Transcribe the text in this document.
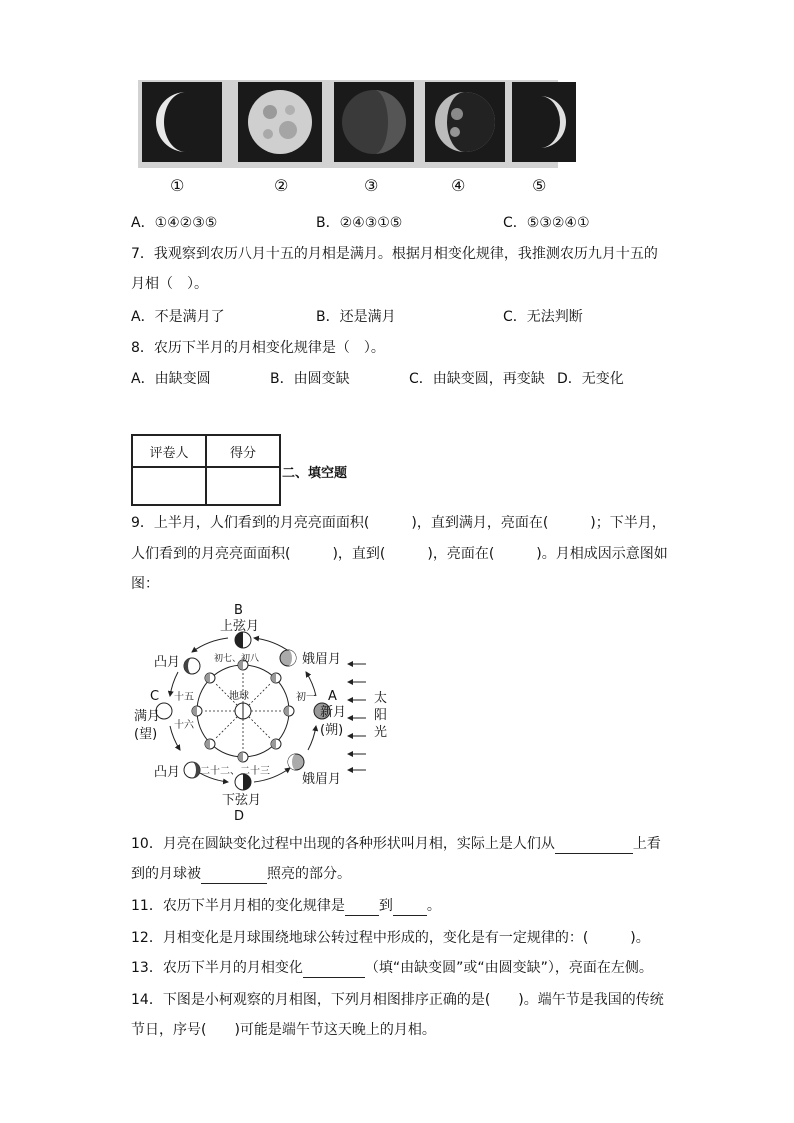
①	②	③	④	⑤
A．①④②③⑤	B．②④③①⑤	C．⑤③②④①
7．我观察到农历八月十五的月相是满月。根据月相变化规律，我推测农历九月十五的
月相（　）。
A．不是满月了	B．还是满月	C．无法判断
8．农历下半月的月相变化规律是（　）。
A．由缺变圆	B．由圆变缺	C．由缺变圆，再变缺 D．无变化
评卷人	得分

二、填空题
9．上半月，人们看到的月亮亮面面积(　　　)，直到满月，亮面在(　　　)；下半月，
人们看到的月亮亮面面积(　　　)，直到(　　　)，亮面在(　　　)。月相成因示意图如
图：
B
上弦月
初七、初八
凸月	娥眉月
C
满月
(望)
十五
十六
地球	初一 A
新月
(朔)
太
阳
光
凸月 二十二、二十三
娥眉月
下弦月
D
10．月亮在圆缺变化过程中出现的各种形状叫月相，实际上是人们从	上看
到的月球被	照亮的部分。
11．农历下半月月相的变化规律是 到 。
12．月相变化是月球围绕地球公转过程中形成的，变化是有一定规律的：(　　　)。
13．农历下半月的月相变化	（填“由缺变圆”或“由圆变缺”），亮面在左侧。
14．下图是小柯观察的月相图，下列月相图排序正确的是(　　)。端午节是我国的传统
节日，序号(　　)可能是端午节这天晚上的月相。
